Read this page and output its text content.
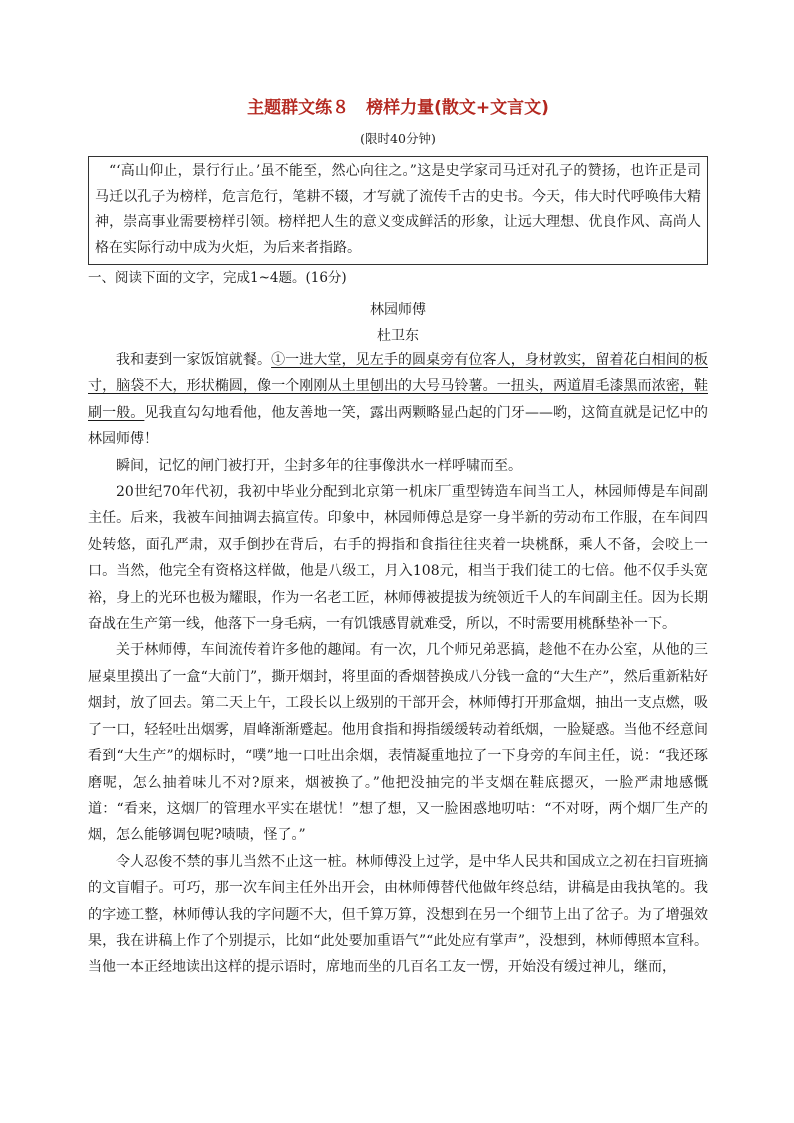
主题群文练８　榜样力量(散文+文言文)
(限时40分钟)

“‘高山仰止，景行行止。’虽不能至，然心向往之。”这是史学家司马迁对孔子的赞扬，也许正是司马迁以孔子为榜样，危言危行，笔耕不辍，才写就了流传千古的史书。今天，伟大时代呼唤伟大精神，崇高事业需要榜样引领。榜样把人生的意义变成鲜活的形象，让远大理想、优良作风、高尚人格在实际行动中成为火炬，为后来者指路。

一、阅读下面的文字，完成1~4题。(16分)
林园师傅
杜卫东

我和妻到一家饭馆就餐。①一进大堂，见左手的圆桌旁有位客人，身材敦实，留着花白相间的板寸，脑袋不大，形状椭圆，像一个刚刚从土里刨出的大号马铃薯。一扭头，两道眉毛漆黑而浓密，鞋刷一般。见我直勾勾地看他，他友善地一笑，露出两颗略显凸起的门牙——哟，这简直就是记忆中的林园师傅！

瞬间，记忆的闸门被打开，尘封多年的往事像洪水一样呼啸而至。

20世纪70年代初，我初中毕业分配到北京第一机床厂重型铸造车间当工人，林园师傅是车间副主任。后来，我被车间抽调去搞宣传。印象中，林园师傅总是穿一身半新的劳动布工作服，在车间四处转悠，面孔严肃，双手倒抄在背后，右手的拇指和食指往往夹着一块桃酥，乘人不备，会咬上一口。当然，他完全有资格这样做，他是八级工，月入108元，相当于我们徒工的七倍。他不仅手头宽裕，身上的光环也极为耀眼，作为一名老工匠，林师傅被提拔为统领近千人的车间副主任。因为长期奋战在生产第一线，他落下一身毛病，一有饥饿感胃就难受，所以，不时需要用桃酥垫补一下。

关于林师傅，车间流传着许多他的趣闻。有一次，几个师兄弟恶搞，趁他不在办公室，从他的三屉桌里摸出了一盒“大前门”，撕开烟封，将里面的香烟替换成八分钱一盒的“大生产”，然后重新粘好烟封，放了回去。第二天上午，工段长以上级别的干部开会，林师傅打开那盒烟，抽出一支点燃，吸了一口，轻轻吐出烟雾，眉峰渐渐蹙起。他用食指和拇指缓缓转动着纸烟，一脸疑惑。当他不经意间看到“大生产”的烟标时，“噗”地一口吐出余烟，表情凝重地拉了一下身旁的车间主任，说：“我还琢磨呢，怎么抽着味儿不对?原来，烟被换了。”他把没抽完的半支烟在鞋底摁灭，一脸严肃地感慨道：“看来，这烟厂的管理水平实在堪忧！”想了想，又一脸困惑地叨咕：“不对呀，两个烟厂生产的烟，怎么能够调包呢?啧啧，怪了。”

令人忍俊不禁的事儿当然不止这一桩。林师傅没上过学，是中华人民共和国成立之初在扫盲班摘的文盲帽子。可巧，那一次车间主任外出开会，由林师傅替代他做年终总结，讲稿是由我执笔的。我的字迹工整，林师傅认我的字问题不大，但千算万算，没想到在另一个细节上出了岔子。为了增强效果，我在讲稿上作了个别提示，比如“此处要加重语气”“此处应有掌声”，没想到，林师傅照本宣科。当他一本正经地读出这样的提示语时，席地而坐的几百名工友一愣，开始没有缓过神儿，继而，
